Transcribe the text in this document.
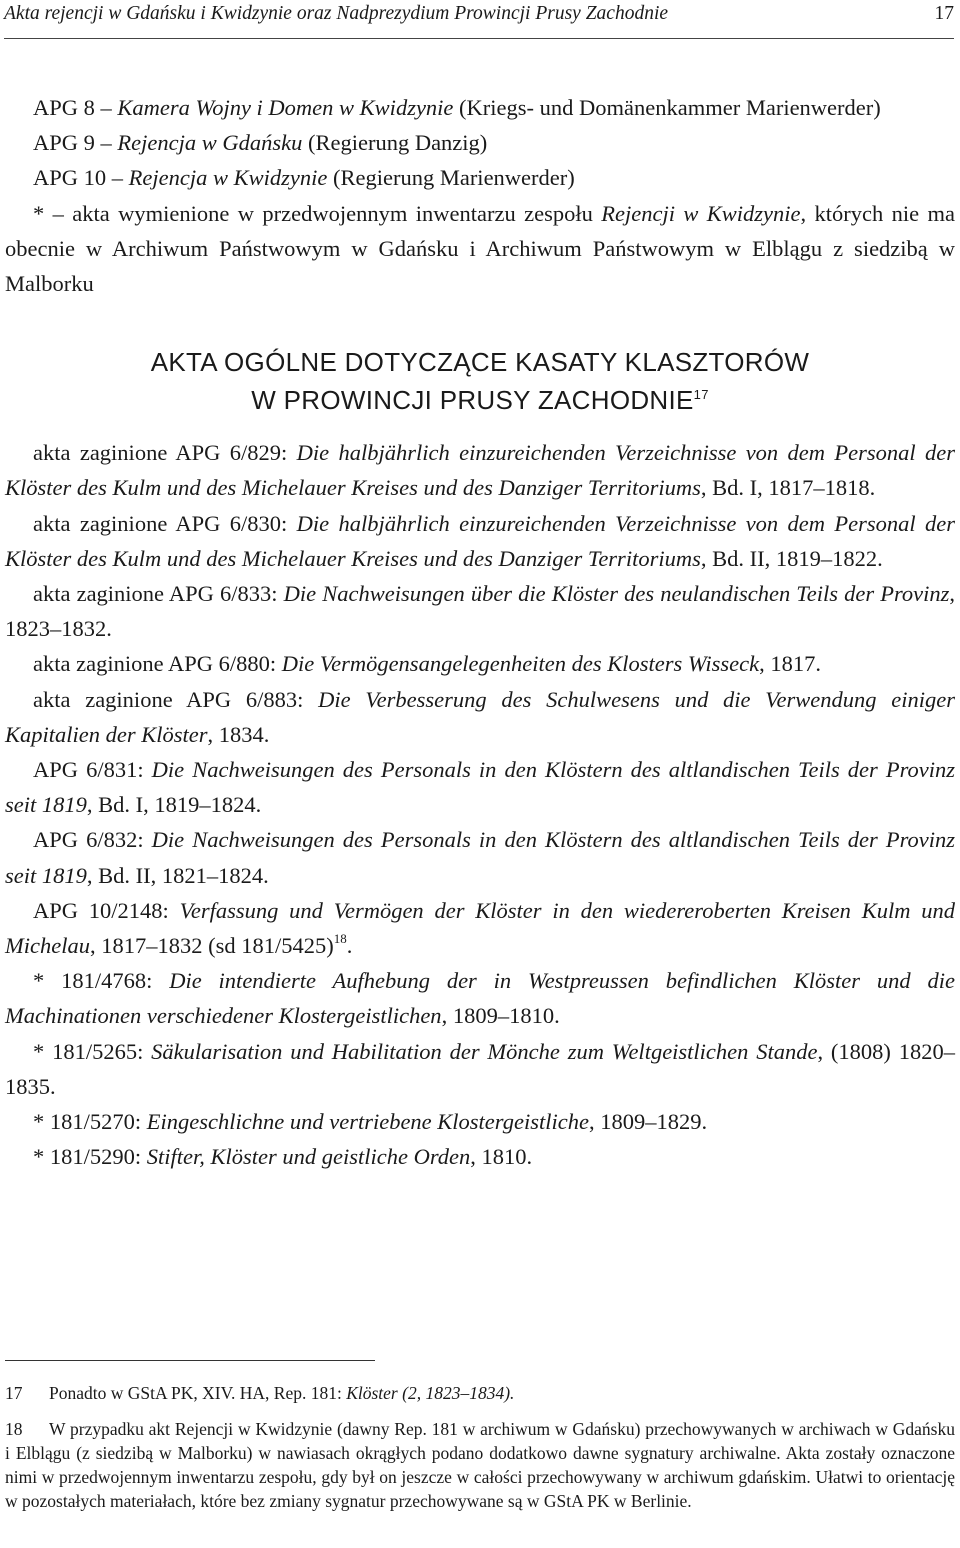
Akta rejencji w Gdańsku i Kwidzynie oraz Nadprezydium Prowincji Prusy Zachodnie	17

APG 8 – Kamera Wojny i Domen w Kwidzynie (Kriegs- und Domänenkammer Marienwerder)

APG 9 – Rejencja w Gdańsku (Regierung Danzig)

APG 10 – Rejencja w Kwidzynie (Regierung Marienwerder)

* – akta wymienione w przedwojennym inwentarzu zespołu Rejencji w Kwidzynie, których nie ma obecnie w Archiwum Państwowym w Gdańsku i Archiwum Państwowym w Elblągu z siedzibą w Malborku

AKTA OGÓLNE DOTYCZĄCE KASATY KLASZTORÓW
W PROWINCJI PRUSY ZACHODNIE$^{17}$

akta zaginione APG 6/829: Die halbjährlich einzureichenden Verzeichnisse von dem Personal der Klöster des Kulm und des Michelauer Kreises und des Danziger Territoriums, Bd. I, 1817–1818.

akta zaginione APG 6/830: Die halbjährlich einzureichenden Verzeichnisse von dem Personal der Klöster des Kulm und des Michelauer Kreises und des Danziger Territoriums, Bd. II, 1819–1822.

akta zaginione APG 6/833: Die Nachweisungen über die Klöster des neulandischen Teils der Provinz, 1823–1832.

akta zaginione APG 6/880: Die Vermögensangelegenheiten des Klosters Wisseck, 1817.

akta zaginione APG 6/883: Die Verbesserung des Schulwesens und die Verwendung einiger Kapitalien der Klöster, 1834.

APG 6/831: Die Nachweisungen des Personals in den Klöstern des altlandischen Teils der Provinz seit 1819, Bd. I, 1819–1824.

APG 6/832: Die Nachweisungen des Personals in den Klöstern des altlandischen Teils der Provinz seit 1819, Bd. II, 1821–1824.

APG 10/2148: Verfassung und Vermögen der Klöster in den wiedereroberten Kreisen Kulm und Michelau, 1817–1832 (sd 181/5425)$^{18}$.

* 181/4768: Die intendierte Aufhebung der in Westpreussen befindlichen Klöster und die Machinationen verschiedener Klostergeistlichen, 1809–1810.

* 181/5265: Säkularisation und Habilitation der Mönche zum Weltgeistlichen Stande, (1808) 1820–1835.

* 181/5270: Eingeschlichne und vertriebene Klostergeistliche, 1809–1829.

* 181/5290: Stifter, Klöster und geistliche Orden, 1810.

17 Ponadto w GStA PK, XIV. HA, Rep. 181: Klöster (2, 1823–1834).

18 W przypadku akt Rejencji w Kwidzynie (dawny Rep. 181 w archiwum w Gdańsku) przechowywanych w archiwach w Gdańsku i Elblągu (z siedzibą w Malborku) w nawiasach okrągłych podano dodatkowo dawne sygnatury archiwalne. Akta zostały oznaczone nimi w przedwojennym inwentarzu zespołu, gdy był on jeszcze w całości przechowywany w archiwum gdańskim. Ułatwi to orientację w pozostałych materiałach, które bez zmiany sygnatur przechowywane są w GStA PK w Berlinie.
